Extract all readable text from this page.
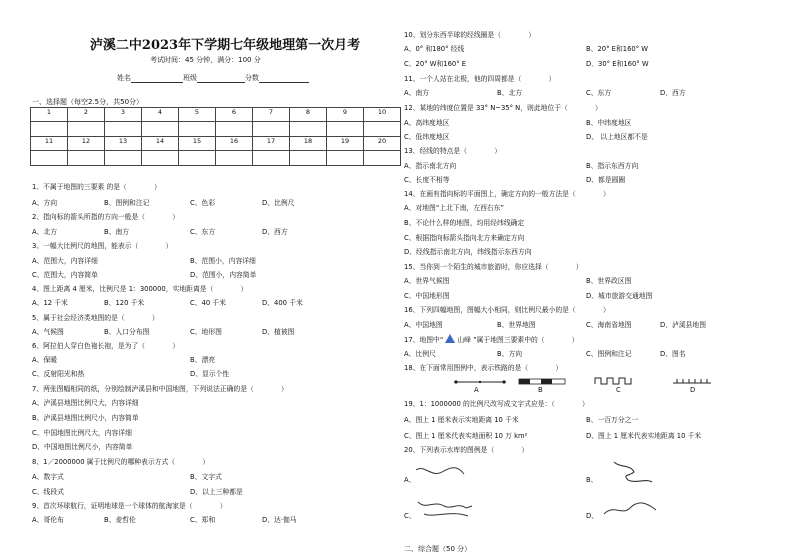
泸溪二中2023年下学期七年级地理第一次月考
考试时间：45 分钟，满分：100 分
姓名	班级	分数
一、选择题（每空2.5分，共50分）
1	2	3	4	5	6	7	8	9	10

11	12	13	14	15	16	17	18	19	20

1、不属于地图的三要素 的是（　　　　）
A、方向	B、图例和注记	C、色彩	D、比例尺
2、指向标的箭头所指的方向一般是（　　　　）
A、北方	B、南方	C、东方	D、西方
3、一幅大比例尺的地图，能表示（　　　　）
A、范围大，内容详细	B、范围小，内容详细
C、范围大，内容简单	D、范围小，内容简单
4、图上距离 4 厘米，比例尺是 1：300000，实地距离是（　　　　）
A、12 千米	B、120 千米	C、40 千米	D、400 千米
5、属于社会经济类地图的是（　　　　）
A、气候图	B、人口分布图	C、地形图	D、植被图
6、阿拉伯人穿白色袍长袍，是为了（　　　　）
A、保暖	B、漂亮
C、反射阳光和热	D、显示个性
7、两张图幅相同的纸，分别绘制泸溪县和中国地图，下列说法正确的是（　　　　）
A、泸溪县地图比例尺大，内容详细
B、泸溪县地图比例尺小，内容简单
C、中国地图比例尺大，内容详细
D、中国地图比例尺小，内容简单
8、1／2000000 属于比例尺的哪种表示方式（　　　　）
A、数字式	B、文字式
C、线段式	D、以上三种都是
9、首次环球航行，证明地球是一个球体的航海家是（　　　　）
A、哥伦布	B、麦哲伦	C、郑和	D、达·伽马
10、划分东西半球的经线圈是（　　　　）
A、0° 和180° 经线	B、20° E和160° W
C、20° W和160° E	D．30° E和160° W
11、一个人站在北极，他的四周都是（　　　　）
A、南方	B、北方	C、东方	D、西方
12、某地的纬度位置是 33° N~35° N，则此地位于（　　　　）
A、高纬度地区	B、中纬度地区
C、低纬度地区	D、 以上地区都不是
13、经线的特点是（　　　　）
A、指示南北方向	B、指示东西方向
C、长度不相等	D、都是圆圈
14、在画有指向标的平面图上，确定方向的一般方法是（　　　　）
A、对地图“上北下南，左西右东”
B、不论什么样的地图，均用经纬线确定
C、根据指向标箭头指向北方来确定方向
D、经线指示南北方向，纬线指示东西方向
15、当你到一个陌生的城市旅游时，你应选择（　　　　）
A、世界气候图	B、世界政区图
C、中国地形图	D、城市旅游交通地图
16、下列四幅地图，图幅大小相同，则比例尺最小的是（　　　　）
A、中国地图	B、世界地图	C、海南省地图	D、泸溪县地图
17、地图中“ 山峰 ”属于地图三要素中的（　　　　）
A、比例尺	B、方向	C、图例和注记	D、图名
18、在下面常用图例中，表示铁路的是（　　　　）
A	B	C	D
19、1：1000000 的比例尺改写成文字式应是：（　　　　）
A、图上 1 厘米表示实地距离 10 千米	B、一百万分之一
C、图上 1 厘米代表实地面积 10 万 km²	D、图上 1 厘米代表实地距离 10 千米
20、下列表示水库的图例是（　　　　）
A、	B、
C、	D、
二、综合题（50 分）
